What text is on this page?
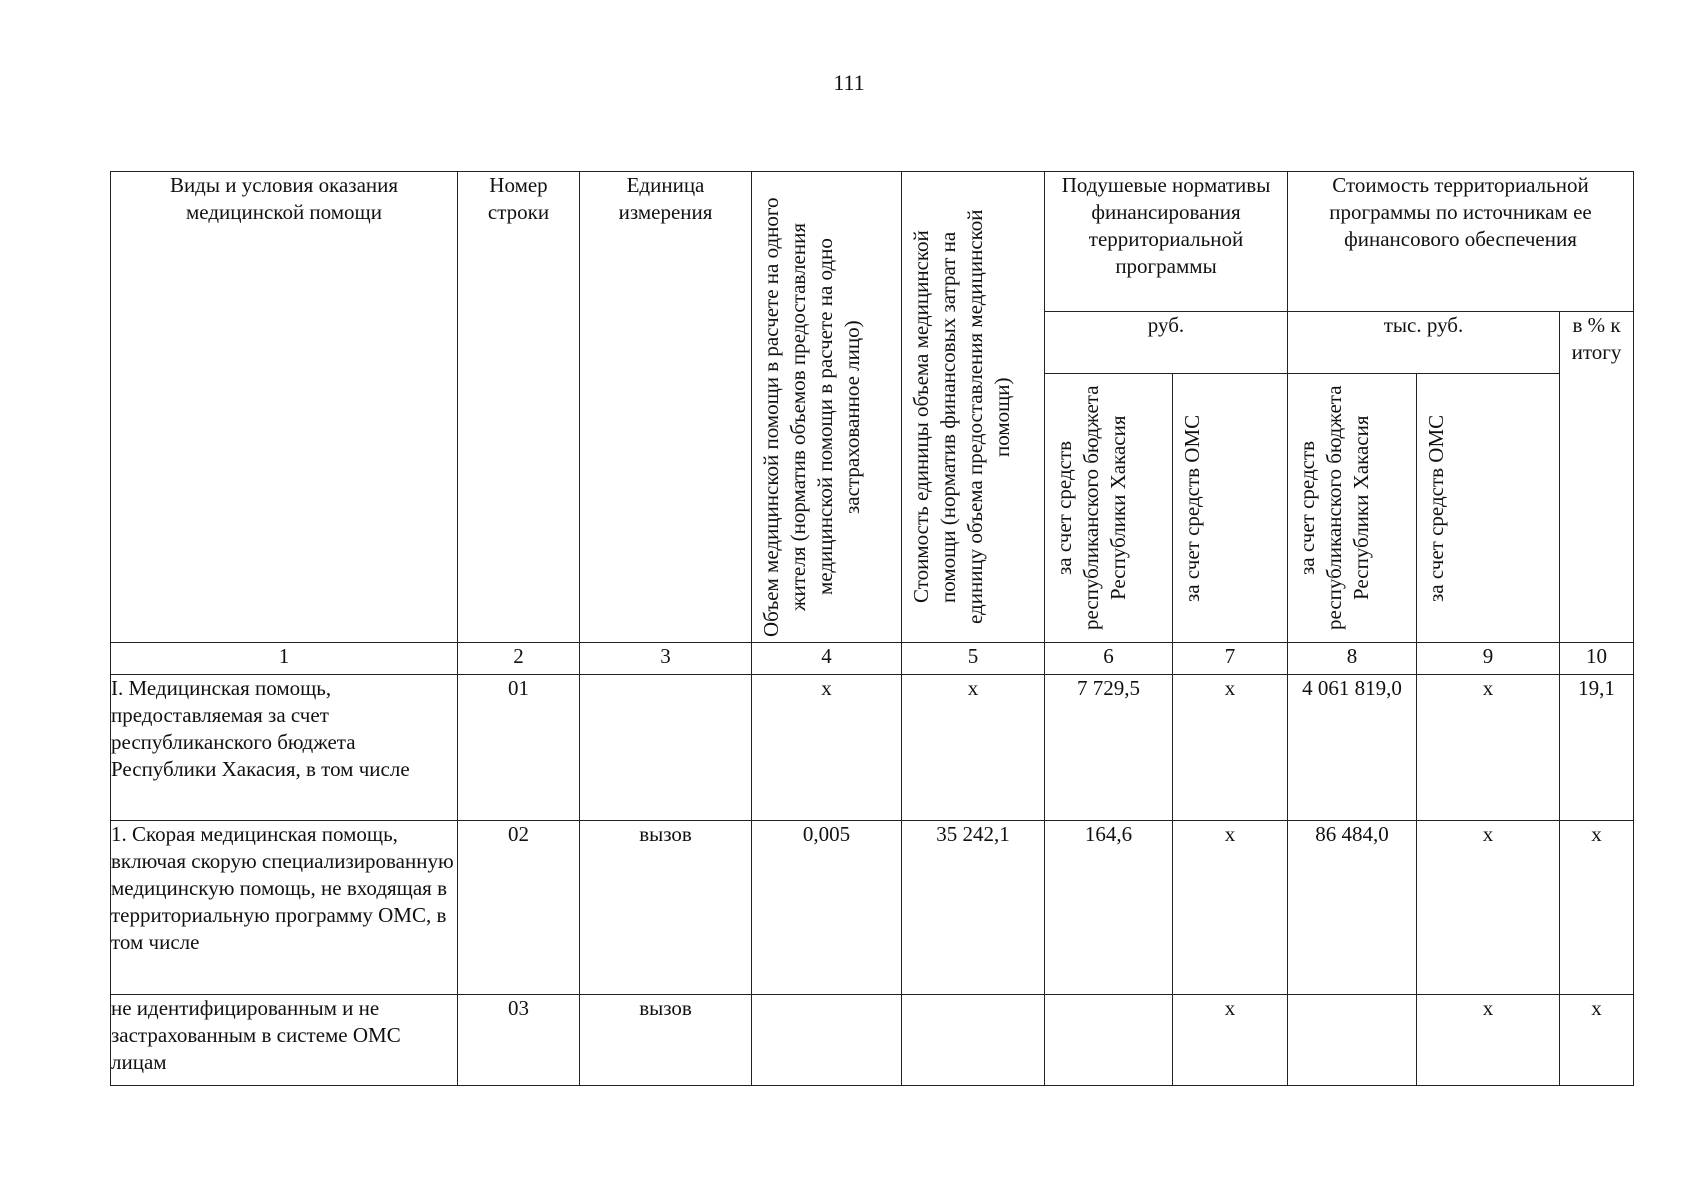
111
Виды и условия оказания медицинской помощи	Номер строки	Единица измерения	Объем медицинской помощи в расчете на одного жителя (норматив объемов предоставления медицинской помощи в расчете на одно застрахованное лицо)	Стоимость единицы объема медицинской помощи (норматив финансовых затрат на единицу объема предоставления медицинской помощи)	Подушевые нормативы финансирования территориальной программы		Стоимость территориальной программы по источникам ее финансового обеспечения		
					руб.		тыс. руб.		в % к итогу

					за счет средств республиканского бюджета Республики Хакасия	за счет средств ОМС	за счет средств республиканского бюджета Республики Хакасия	за счет средств ОМС	

1	2	3	4	5	6	7	8	9	10
I. Медицинская помощь, предоставляемая за счет республиканского бюджета Республики Хакасия, в том числе	01		х	х	7 729,5	х	4 061 819,0	х	19,1
1. Скорая медицинская помощь, включая скорую специализированную медицинскую помощь, не входящая в территориальную программу ОМС, в том числе	02	вызов	0,005	35 242,1	164,6	х	86 484,0	х	х
не идентифицированным и не застрахованным в системе ОМС лицам	03	вызов				х		х	х
